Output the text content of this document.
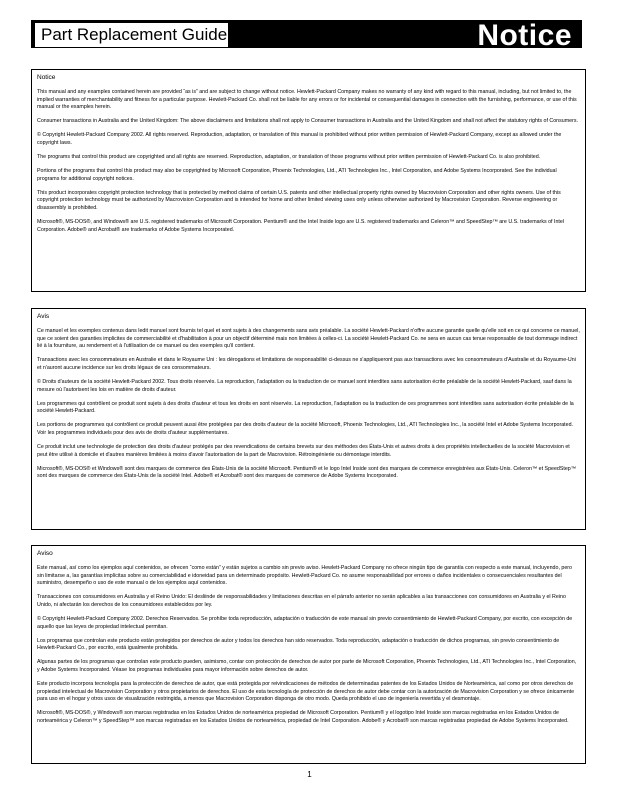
Part Replacement Guide	Notice
Notice

This manual and any examples contained herein are provided “as is” and are subject to change without notice. Hewlett-Packard Company makes no warranty of any kind with regard to this manual, including, but not limited to, the implied warranties of merchantability and fitness for a particular purpose. Hewlett-Packard Co. shall not be liable for any errors or for incidental or consequential damages in connection with the furnishing, performance, or use of this manual or the examples herein.

Consumer transactions in Australia and the United Kingdom: The above disclaimers and limitations shall not apply to Consumer transactions in Australia and the United Kingdom and shall not affect the statutory rights of Consumers.

© Copyright Hewlett-Packard Company 2002. All rights reserved. Reproduction, adaptation, or translation of this manual is prohibited without prior written permission of Hewlett-Packard Company, except as allowed under the copyright laws.

The programs that control this product are copyrighted and all rights are reserved. Reproduction, adaptation, or translation of those programs without prior written permission of Hewlett-Packard Co. is also prohibited.

Portions of the programs that control this product may also be copyrighted by Microsoft Corporation, Phoenix Technologies, Ltd., ATI Technologies Inc., Intel Corporation, and Adobe Systems Incorporated. See the individual programs for additional copyright notices.

This product incorporates copyright protection technology that is protected by method claims of certain U.S. patents and other intellectual property rights owned by Macrovision Corporation and other rights owners. Use of this copyright protection technology must be authorized by Macrovision Corporation and is intended for home and other limited viewing uses only unless otherwise authorized by Macrovision Corporation. Reverse engineering or disassembly is prohibited.

Microsoft®, MS-DOS®, and Windows® are U.S. registered trademarks of Microsoft Corporation. Pentium® and the Intel Inside logo are U.S. registered trademarks and Celeron™ and SpeedStep™ are U.S. trademarks of Intel Corporation. Adobe® and Acrobat® are trademarks of Adobe Systems Incorporated.

Avis

Ce manuel et les exemples contenus dans ledit manuel sont fournis tel quel et sont sujets à des changements sans avis préalable. La société Hewlett-Packard n'offre aucune garantie quelle qu'elle soit en ce qui concerne ce manuel, que ce soient des garanties implicites de commerciabilité et d'habilitation à pour un objectif déterminé mais non limitées à celles-ci. La société Hewlett-Packard Co. ne sera en aucun cas tenue responsable de tout dommage indirect lié à la fourniture, au rendement et à l'utilisation de ce manuel ou des exemples qu'il contient.

Transactions avec les consommateurs en Australie et dans le Royaume Uni : les dérogations et limitations de responsabilité ci-dessus ne s'appliqueront pas aux transactions avec les consommateurs d'Australie et du Royaume-Uni et n'auront aucune incidence sur les droits légaux de ces consommateurs.

© Droits d'auteurs de la société Hewlett-Packard 2002. Tous droits réservés. La reproduction, l'adaptation ou la traduction de ce manuel sont interdites sans autorisation écrite préalable de la société Hewlett-Packard, sauf dans la mesure où l'autorisent les lois en matière de droits d'auteur.

Les programmes qui contrôlent ce produit sont sujets à des droits d'auteur et tous les droits en sont réservés. La reproduction, l'adaptation ou la traduction de ces programmes sont interdites sans autorisation écrite préalable de la société Hewlett-Packard.

Les portions de programmes qui contrôlent ce produit peuvent aussi être protégées par des droits d'auteur de la société Microsoft, Phoenix Technologies, Ltd., ATI Technologies Inc., la société Intel et Adobe Systems Incorporated. Voir les programmes individuels pour des avis de droits d'auteur supplémentaires.

Ce produit inclut une technologie de protection des droits d'auteur protégés par des revendications de certains brevets sur des méthodes des États-Unis et autres droits à des propriétés intellectuelles de la société Macrovision et peut être utilisé à domicile et d'autres manières limitées à moins d'avoir l'autorisation de la part de Macrovision. Rétroingénierie ou démontage interdits.

Microsoft®, MS-DOS® et Windows® sont des marques de commerce des États-Unis de la société Microsoft. Pentium® et le logo Intel Inside sont des marques de commerce enregistrées aux États-Unis. Celeron™ et SpeedStep™ sont des marques de commerce des États-Unis de la société Intel. Adobe® et Acrobat® sont des marques de commerce de Adobe Systems Incorporated.

Aviso

Este manual, así como los ejemplos aquí contenidos, se ofrecen “como están” y están sujetos a cambio sin previo aviso. Hewlett-Packard Company no ofrece ningún tipo de garantía con respecto a este manual, incluyendo, pero sin limitarse a, las garantías implícitas sobre su comerciabilidad e idoneidad para un determinado propósito. Hewlett-Packard Co. no asume responsabilidad por errores o daños incidentales o consecuenciales resultantes del suministro, desempeño o uso de este manual o de los ejemplos aquí contenidos.

Transacciones con consumidores en Australia y el Reino Unido: El desliinde de responsabilidades y limitaciones descritas en el párrafo anterior no serán aplicables a las transacciones con consumidores en Australia y el Reino Unido, ni afectarán los derechos de los consumidores establecidos por ley.

© Copyright Hewlett-Packard Company 2002. Derechos Reservados. Se prohíbe toda reproducción, adaptación o traducción de este manual sin previo consentimiento de Hewlett-Packard Company, por escrito, con excepción de aquello que las leyes de propiedad intelectual permitan.

Los programas que controlan este producto están protegidos por derechos de autor y todos los derechos han sido reservados. Toda reproducción, adaptación o traducción de dichos programas, sin previo consentimiento de Hewlett-Packard Co., por escrito, está igualmente prohibida.

Algunas partes de los programas que controlan este producto pueden, asimismo, contar con protección de derechos de autor por parte de Microsoft Corporation, Phoenix Technologies, Ltd., ATI Technologies Inc., Intel Corporation, y Adobe Systems Incorporated. Véase los programas individuales para mayor información sobre derechos de autor.

Este producto incorpora tecnología para la protección de derechos de autor, que está protegida por reivindicaciones de métodos de determinadas patentes de los Estados Unidos de Norteamérica, así como por otros derechos de propiedad intelectual de Macrovision Corporation y otros propietarios de derechos. El uso de esta tecnología de protección de derechos de autor debe contar con la autorización de Macrovision Corporation y se ofrece únicamente para uso en el hogar y otros usos de visualización restringida, a menos que Macrovision Corporation disponga de otro modo. Queda prohibido el uso de ingeniería revertida y el desmontaje.

Microsoft®, MS-DOS®, y Windows® son marcas registradas en los Estados Unidos de norteamérica propiedad de Microsoft Corporation. Pentium® y el logotipo Intel Inside son marcas registradas en los Estados Unidos de norteamérica y Celeron™ y SpeedStep™ son marcas registradas en los Estados Unidos de norteamérica, propiedad de Intel Corporation. Adobe® y Acrobat® son marcas registradas propiedad de Adobe Systems Incorporated.

1
